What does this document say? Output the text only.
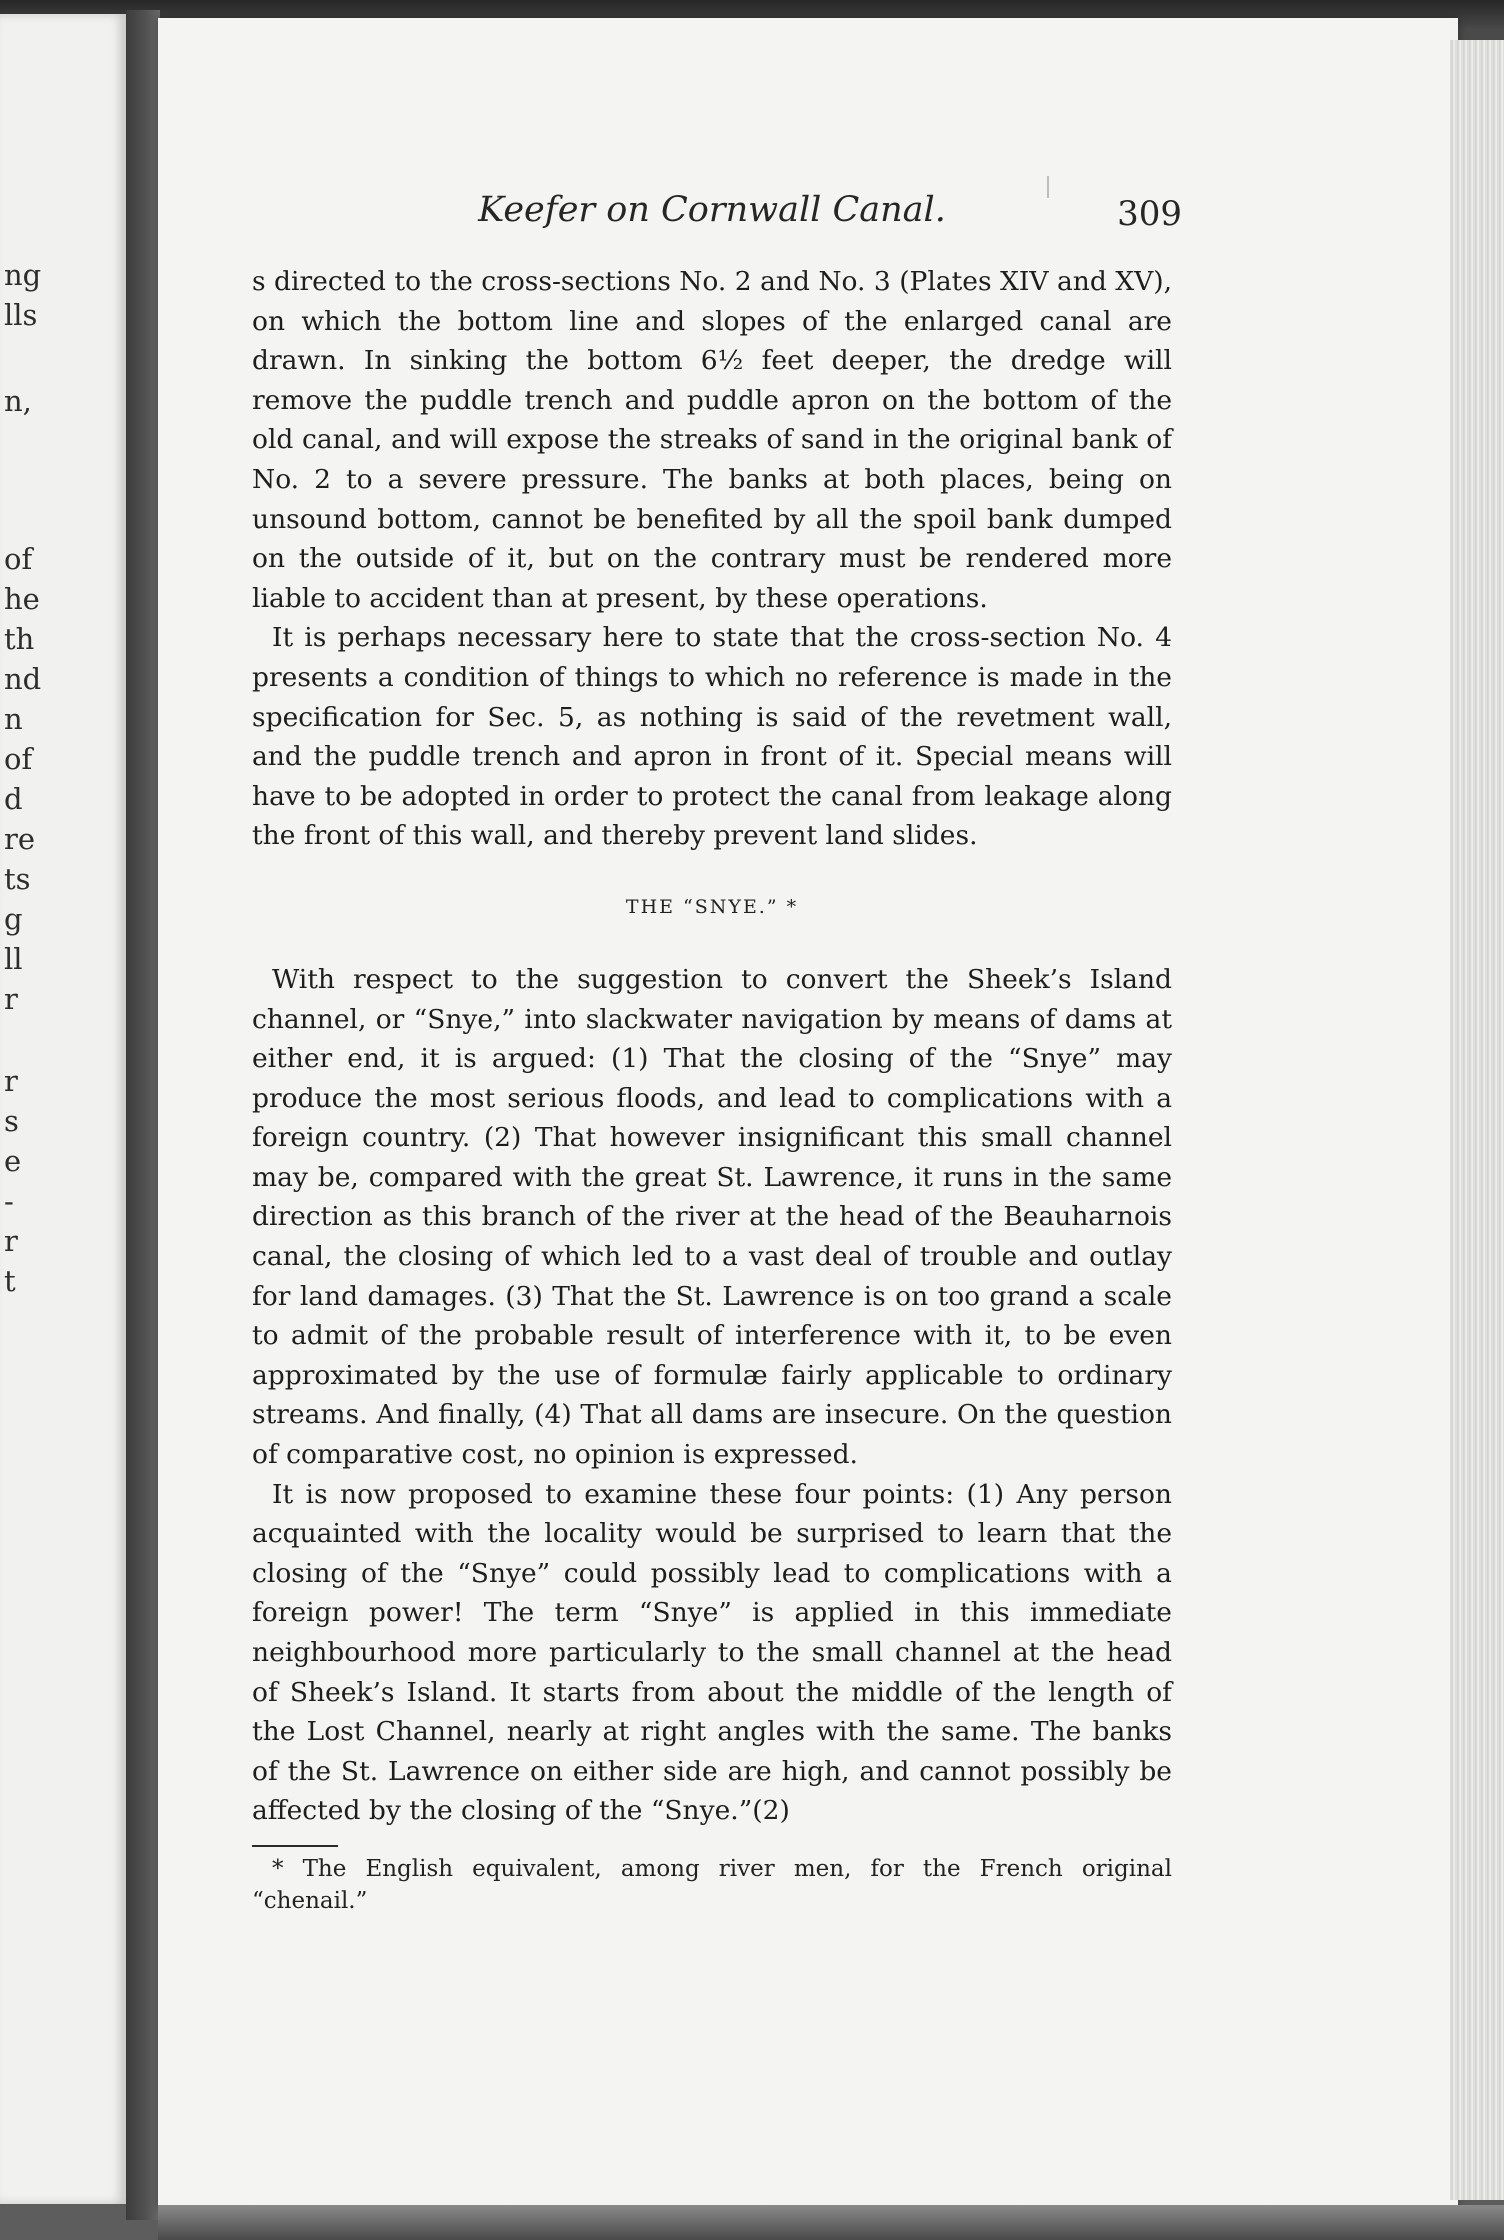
ng
lls
n,
of
he
th
nd
n
of
d
re
ts
g
ll
r
r
s
e
-
r
t
Keefer on Cornwall Canal.	309

s directed to the cross-sections No. 2 and No. 3 (Plates XIV and XV), on which the bottom line and slopes of the enlarged canal are drawn. In sinking the bottom 6½ feet deeper, the dredge will remove the puddle trench and puddle apron on the bottom of the old canal, and will expose the streaks of sand in the original bank of No. 2 to a severe pressure. The banks at both places, being on unsound bottom, cannot be benefited by all the spoil bank dumped on the outside of it, but on the contrary must be rendered more liable to accident than at present, by these operations.

It is perhaps necessary here to state that the cross-section No. 4 presents a condition of things to which no reference is made in the specification for Sec. 5, as nothing is said of the revetment wall, and the puddle trench and apron in front of it. Special means will have to be adopted in order to protect the canal from leakage along the front of this wall, and thereby prevent land slides.

THE “SNYE.” *

With respect to the suggestion to convert the Sheek’s Island channel, or “Snye,” into slackwater navigation by means of dams at either end, it is argued: (1) That the closing of the “Snye” may produce the most serious floods, and lead to complications with a foreign country. (2) That however insignificant this small channel may be, compared with the great St. Lawrence, it runs in the same direction as this branch of the river at the head of the Beauharnois canal, the closing of which led to a vast deal of trouble and outlay for land damages. (3) That the St. Lawrence is on too grand a scale to admit of the probable result of interference with it, to be even approximated by the use of formulæ fairly applicable to ordinary streams. And finally, (4) That all dams are insecure. On the question of comparative cost, no opinion is expressed.

It is now proposed to examine these four points: (1) Any person acquainted with the locality would be surprised to learn that the closing of the “Snye” could possibly lead to complications with a foreign power! The term “Snye” is applied in this immediate neighbourhood more particularly to the small channel at the head of Sheek’s Island. It starts from about the middle of the length of the Lost Channel, nearly at right angles with the same. The banks of the St. Lawrence on either side are high, and cannot possibly be affected by the closing of the “Snye.”(2)

* The English equivalent, among river men, for the French original “chenail.”
